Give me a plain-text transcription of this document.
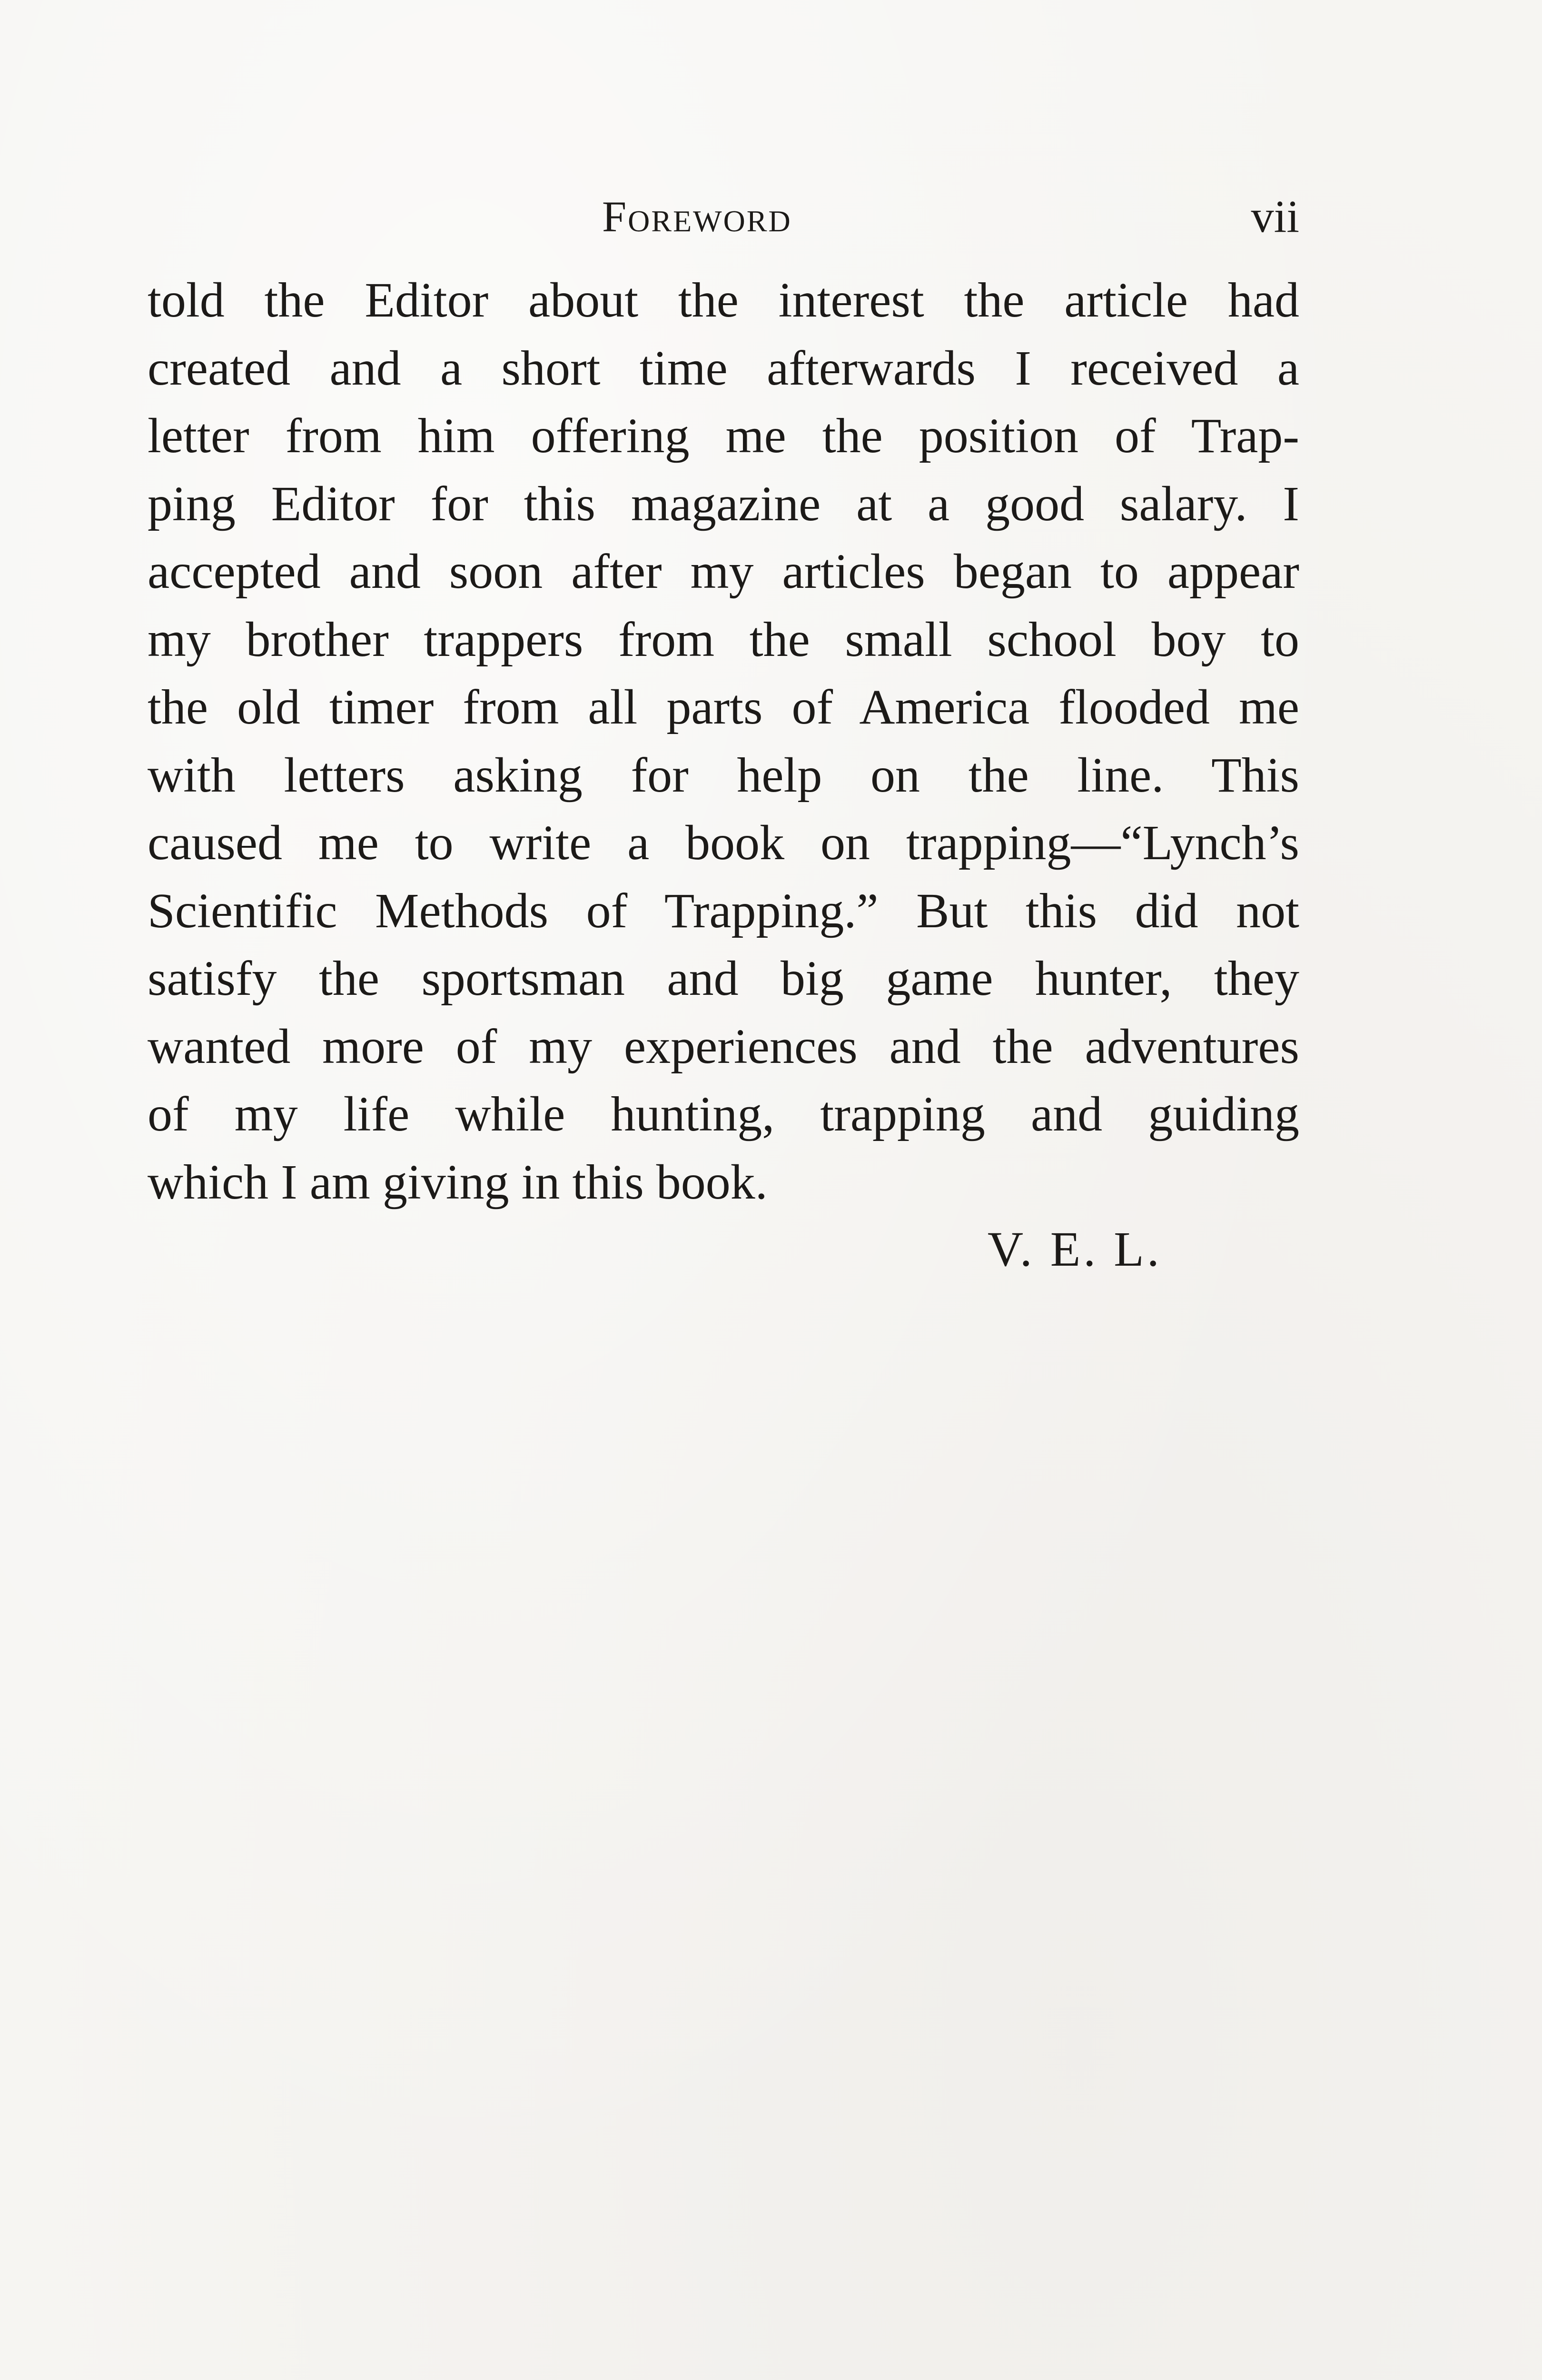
Foreword	vii
told the Editor about the interest the article had
created and a short time afterwards I received a
letter from him offering me the position of Trap-
ping Editor for this magazine at a good salary. I
accepted and soon after my articles began to appear
my brother trappers from the small school boy to
the old timer from all parts of America flooded me
with letters asking for help on the line. This
caused me to write a book on trapping—“Lynch’s
Scientific Methods of Trapping.” But this did not
satisfy the sportsman and big game hunter, they
wanted more of my experiences and the adventures
of my life while hunting, trapping and guiding
which I am giving in this book.
V. E. L.
